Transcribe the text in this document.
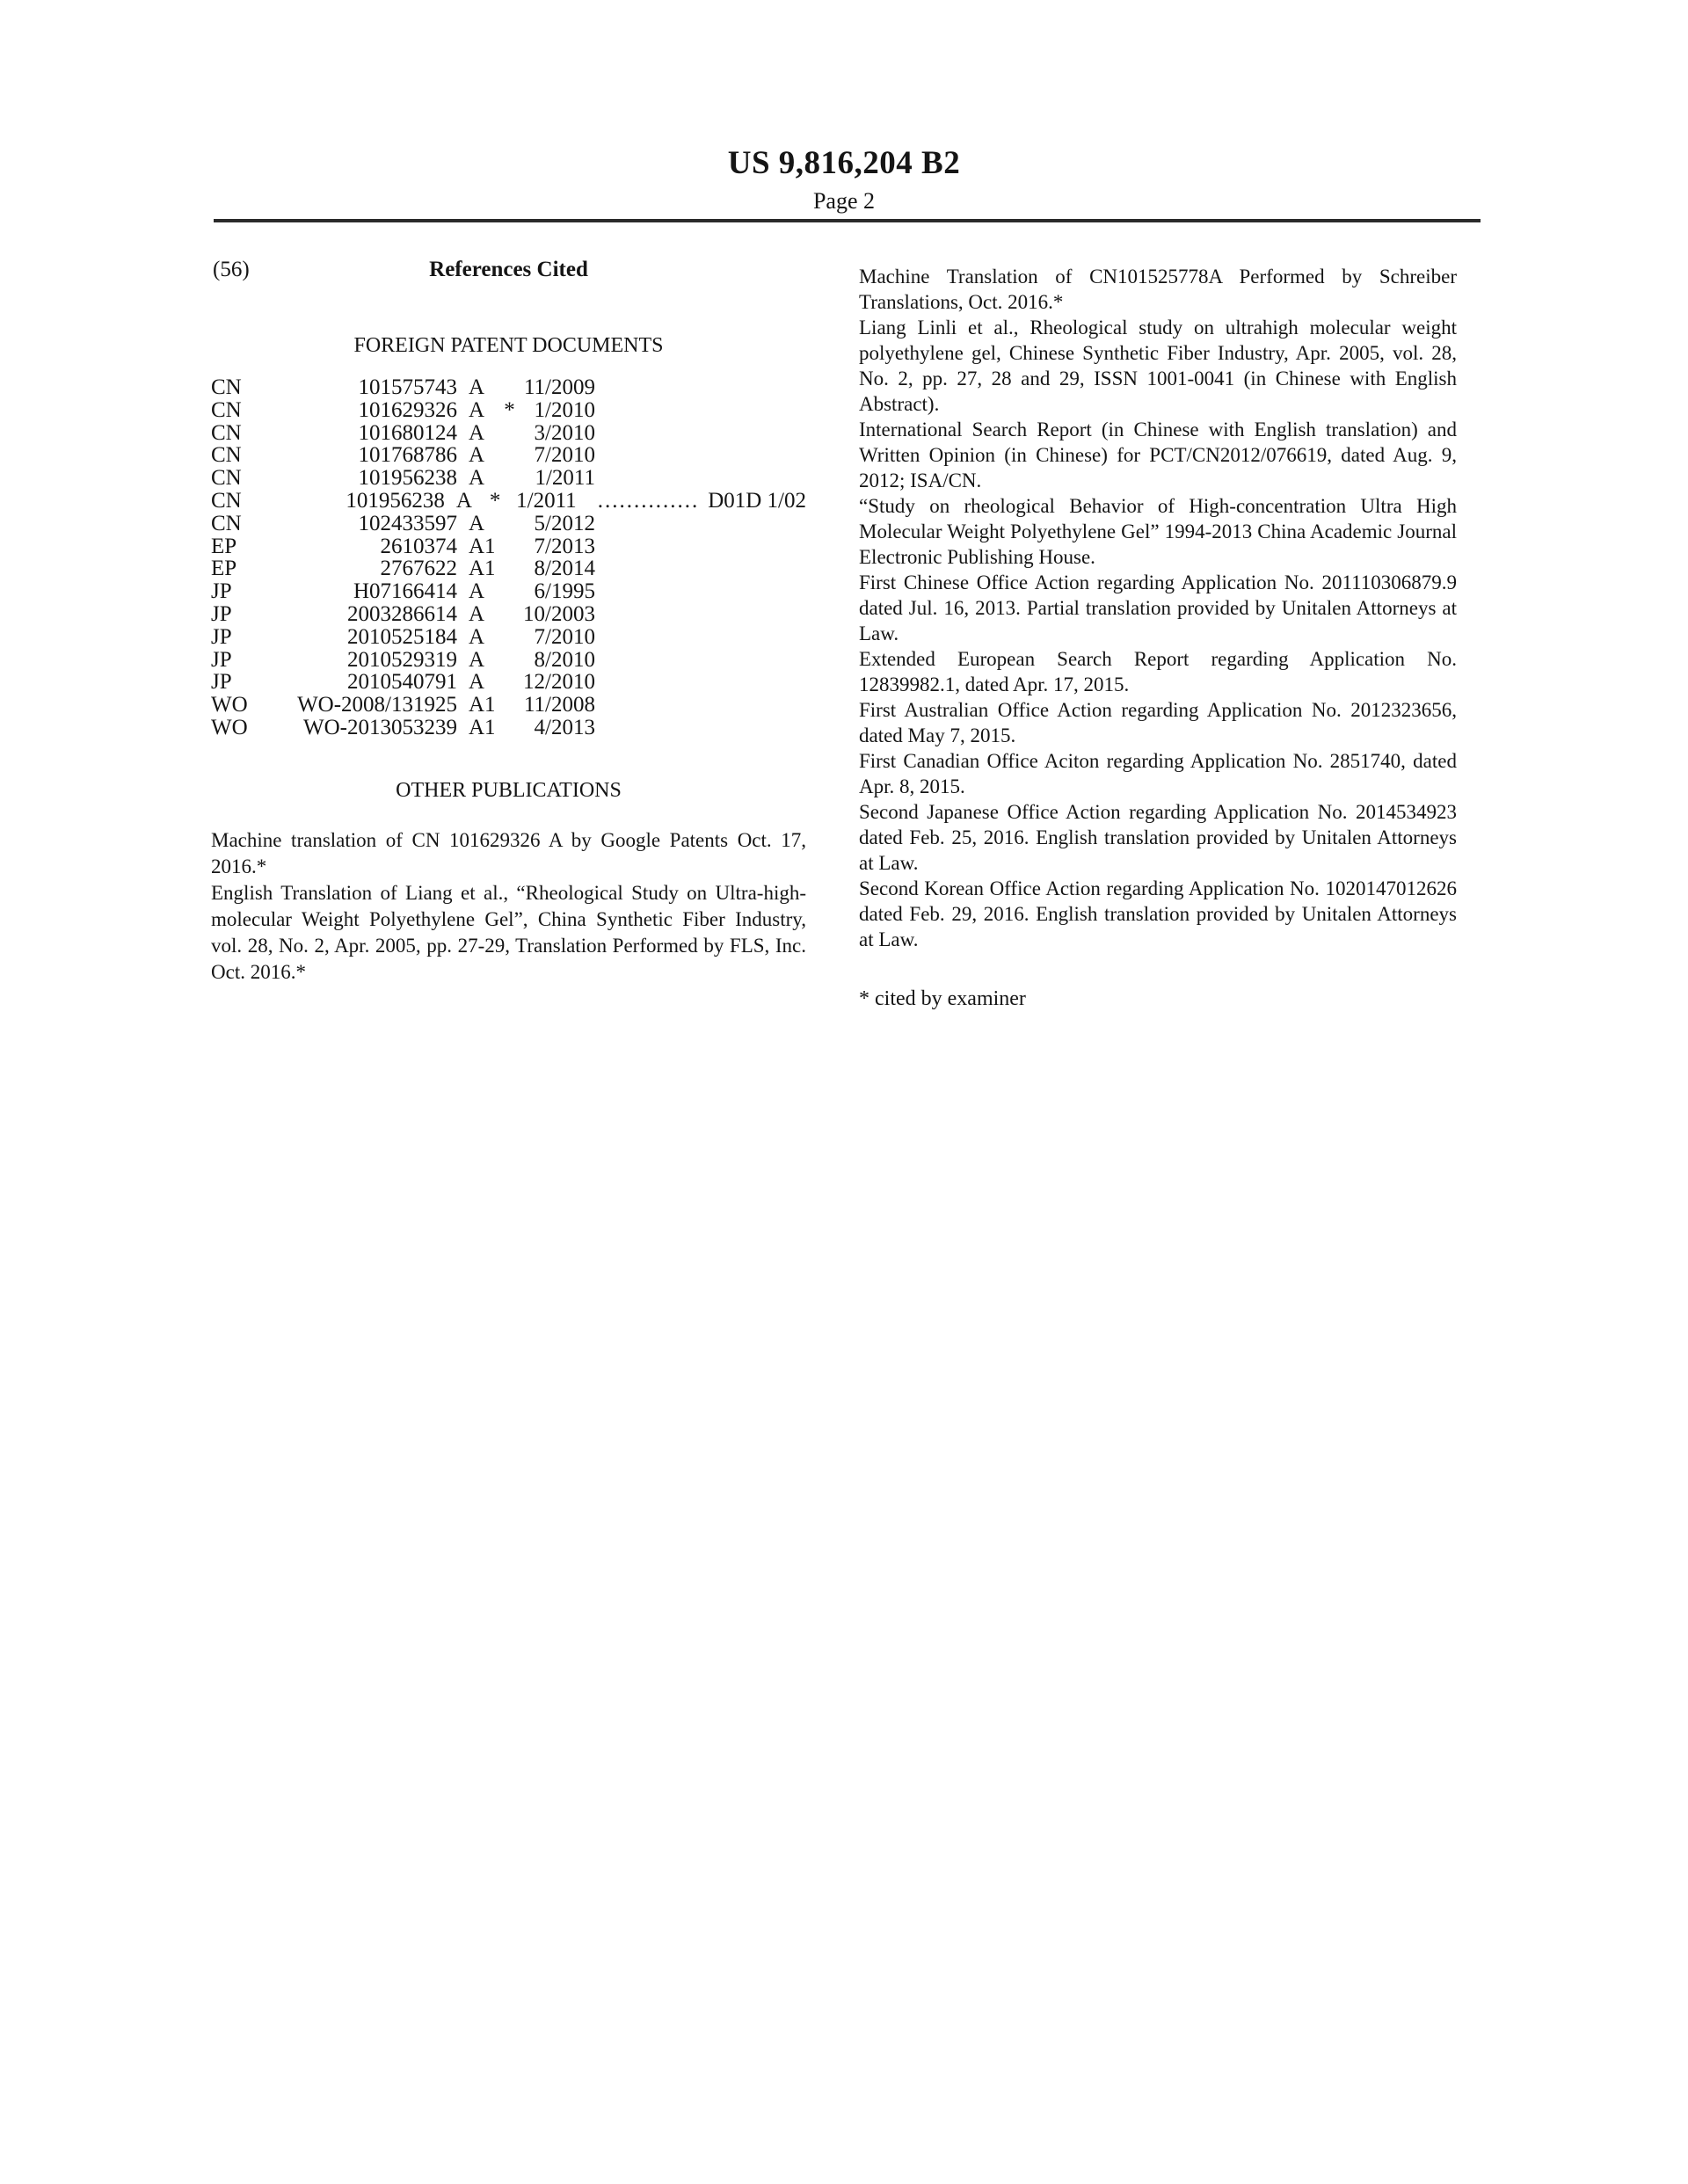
US 9,816,204 B2
Page 2
(56)	References Cited
FOREIGN PATENT DOCUMENTS
CN	101575743 A	11/2009
CN	101629326 A * 1/2010
CN	101680124 A	3/2010
CN	101768786 A	7/2010
CN	101956238 A	1/2011
CN	101956238 A * 1/2011 .............. D01D 1/02
CN	102433597 A	5/2012
EP	2610374 A1	7/2013
EP	2767622 A1	8/2014
JP	H07166414 A	6/1995
JP	2003286614 A	10/2003
JP	2010525184 A	7/2010
JP	2010529319 A	8/2010
JP	2010540791 A	12/2010
WO	WO-2008/131925 A1 11/2008
WO	WO-2013053239 A1	4/2013
OTHER PUBLICATIONS

Machine translation of CN 101629326 A by Google Patents Oct. 17, 2016.*

English Translation of Liang et al., “Rheological Study on Ultra-high-molecular Weight Polyethylene Gel”, China Synthetic Fiber Industry, vol. 28, No. 2, Apr. 2005, pp. 27-29, Translation Performed by FLS, Inc. Oct. 2016.*

Machine Translation of CN101525778A Performed by Schreiber Translations, Oct. 2016.*

Liang Linli et al., Rheological study on ultrahigh molecular weight polyethylene gel, Chinese Synthetic Fiber Industry, Apr. 2005, vol. 28, No. 2, pp. 27, 28 and 29, ISSN 1001-0041 (in Chinese with English Abstract).

International Search Report (in Chinese with English translation) and Written Opinion (in Chinese) for PCT/CN2012/076619, dated Aug. 9, 2012; ISA/CN.

“Study on rheological Behavior of High-concentration Ultra High Molecular Weight Polyethylene Gel” 1994-2013 China Academic Journal Electronic Publishing House.

First Chinese Office Action regarding Application No. 201110306879.9 dated Jul. 16, 2013. Partial translation provided by Unitalen Attorneys at Law.

Extended European Search Report regarding Application No. 12839982.1, dated Apr. 17, 2015.

First Australian Office Action regarding Application No. 2012323656, dated May 7, 2015.

First Canadian Office Aciton regarding Application No. 2851740, dated Apr. 8, 2015.

Second Japanese Office Action regarding Application No. 2014534923 dated Feb. 25, 2016. English translation provided by Unitalen Attorneys at Law.

Second Korean Office Action regarding Application No. 1020147012626 dated Feb. 29, 2016. English translation provided by Unitalen Attorneys at Law.

* cited by examiner
